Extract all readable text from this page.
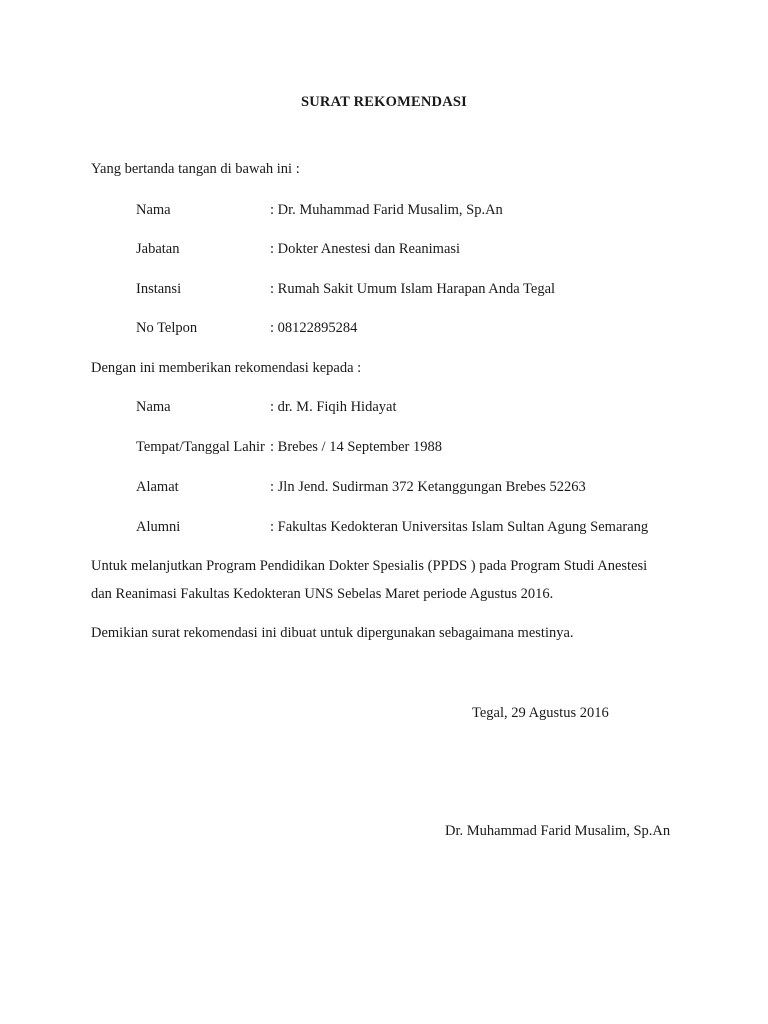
SURAT REKOMENDASI
Yang bertanda tangan di bawah ini :
Nama	: Dr. Muhammad Farid Musalim, Sp.An
Jabatan	: Dokter Anestesi dan Reanimasi
Instansi	: Rumah Sakit Umum Islam Harapan Anda Tegal
No Telpon	: 08122895284
Dengan ini memberikan rekomendasi kepada :
Nama	: dr. M. Fiqih Hidayat
Tempat/Tanggal Lahir : Brebes / 14 September 1988
Alamat	: Jln Jend. Sudirman 372 Ketanggungan Brebes 52263
Alumni	: Fakultas Kedokteran Universitas Islam Sultan Agung Semarang
Untuk melanjutkan Program Pendidikan Dokter Spesialis (PPDS ) pada Program Studi Anestesi
dan Reanimasi Fakultas Kedokteran UNS Sebelas Maret periode Agustus 2016.
Demikian surat rekomendasi ini dibuat untuk dipergunakan sebagaimana mestinya.
Tegal, 29 Agustus 2016
Dr. Muhammad Farid Musalim, Sp.An
